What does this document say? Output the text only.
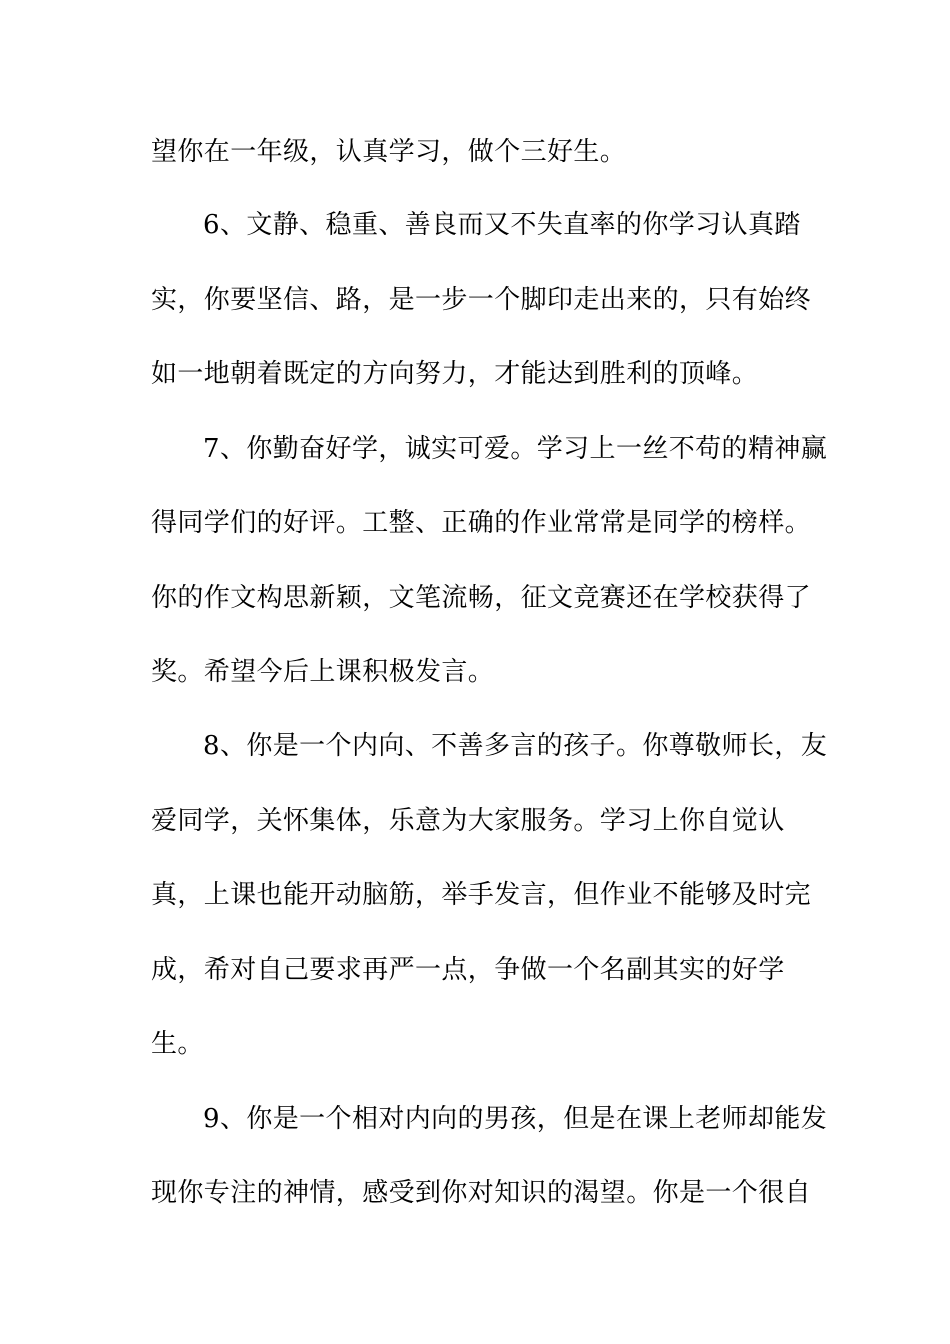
望你在一年级，认真学习，做个三好生。
6、文静、稳重、善良而又不失直率的你学习认真踏
实，你要坚信、路，是一步一个脚印走出来的，只有始终
如一地朝着既定的方向努力，才能达到胜利的顶峰。
7、你勤奋好学，诚实可爱。学习上一丝不苟的精神赢
得同学们的好评。工整、正确的作业常常是同学的榜样。
你的作文构思新颖，文笔流畅，征文竞赛还在学校获得了
奖。希望今后上课积极发言。
8、你是一个内向、不善多言的孩子。你尊敬师长，友
爱同学，关怀集体，乐意为大家服务。学习上你自觉认
真，上课也能开动脑筋，举手发言，但作业不能够及时完
成，希对自己要求再严一点，争做一个名副其实的好学
生。
9、你是一个相对内向的男孩，但是在课上老师却能发
现你专注的神情，感受到你对知识的渴望。你是一个很自
